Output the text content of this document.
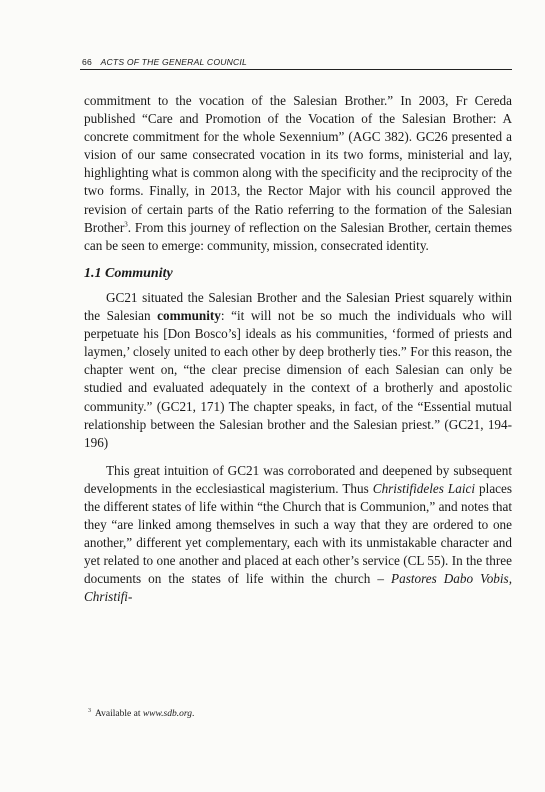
66 ACTS OF THE GENERAL COUNCIL

commitment to the vocation of the Salesian Brother.” In 2003, Fr Cereda published “Care and Promotion of the Vocation of the Salesian Brother: A concrete commitment for the whole Sexennium” (AGC 382). GC26 presented a vision of our same consecrated vocation in its two forms, ministerial and lay, highlighting what is common along with the specificity and the reciprocity of the two forms. Finally, in 2013, the Rector Major with his council approved the revision of certain parts of the Ratio referring to the formation of the Salesian Brother$^3$. From this journey of reflection on the Salesian Brother, certain themes can be seen to emerge: community, mission, consecrated identity.

1.1 Community

GC21 situated the Salesian Brother and the Salesian Priest squarely within the Salesian community: “it will not be so much the individuals who will perpetuate his [Don Bosco’s] ideals as his communities, ‘formed of priests and laymen,’ closely united to each other by deep brotherly ties.” For this reason, the chapter went on, “the clear precise dimension of each Salesian can only be studied and evaluated adequately in the context of a brotherly and apostolic community.” (GC21, 171) The chapter speaks, in fact, of the “Essential mutual relationship between the Salesian brother and the Salesian priest.” (GC21, 194-196)

This great intuition of GC21 was corroborated and deepened by subsequent developments in the ecclesiastical magisterium. Thus Christifideles Laici places the different states of life within “the Church that is Communion,” and notes that they “are linked among themselves in such a way that they are ordered to one another,” different yet complementary, each with its unmistakable character and yet related to one another and placed at each other’s service (CL 55). In the three documents on the states of life within the church – Pastores Dabo Vobis, Christifi-

$^3$ Available at www.sdb.org.
